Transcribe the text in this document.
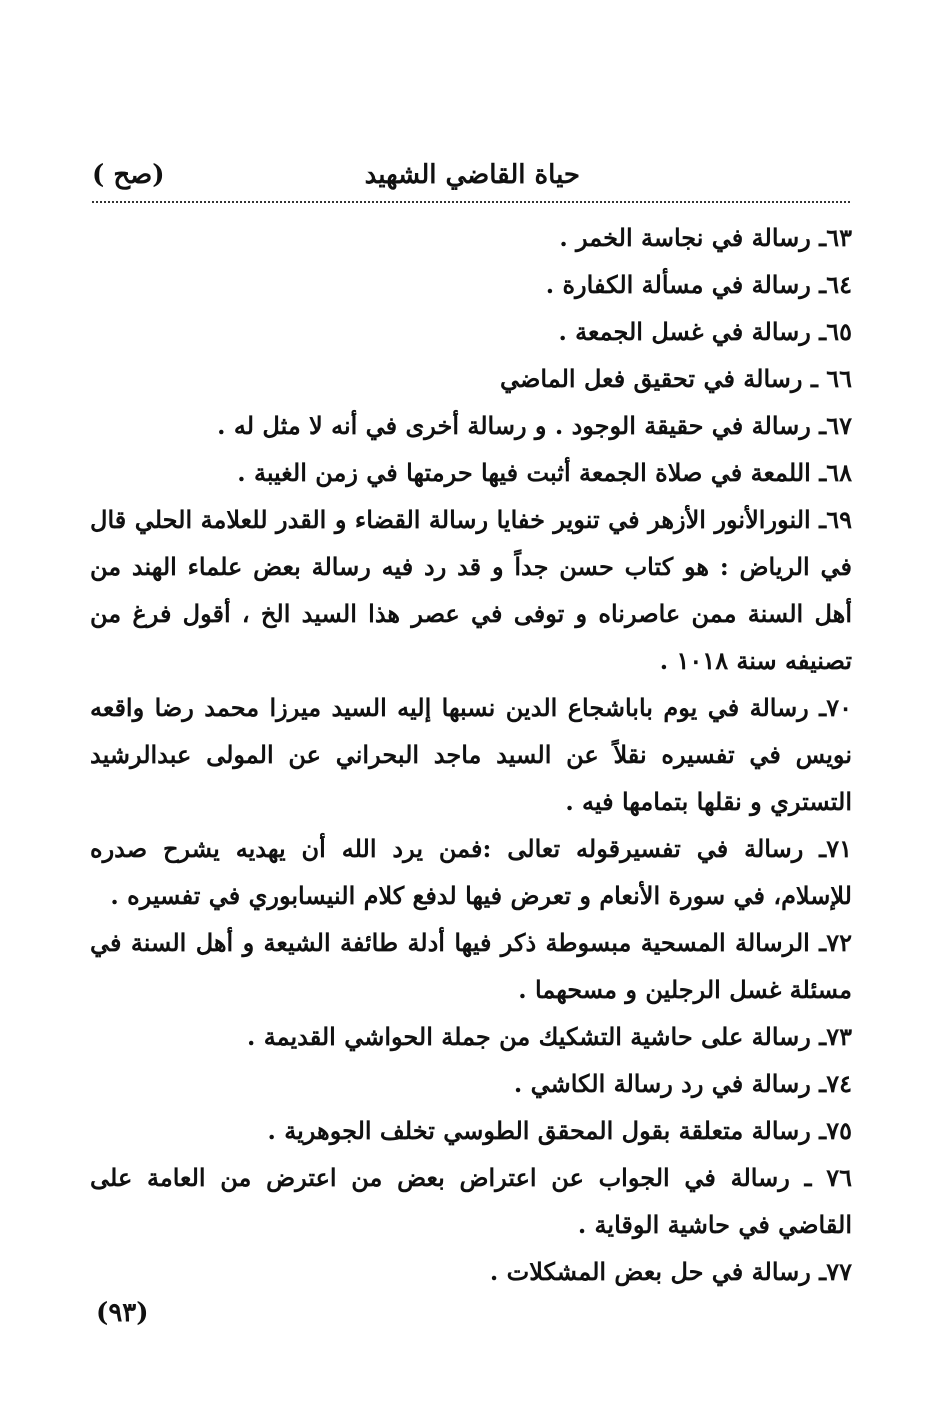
حياة القاضي الشهيد
(صح )

٦٣ـ رسالة في نجاسة الخمر .

٦٤ـ رسالة في مسألة الكفارة .

٦٥ـ رسالة في غسل الجمعة .

٦٦ ـ رسالة في تحقيق فعل الماضي

٦٧ـ رسالة في حقيقة الوجود . و رسالة أخرى في أنه لا مثل له .

٦٨ـ اللمعة في صلاة الجمعة أثبت فيها حرمتها في زمن الغيبة .

٦٩ـ النورالأنور الأزهر في تنوير خفايا رسالة القضاء و القدر للعلامة الحلي قال في الرياض : هو كتاب حسن جداً و قد رد فيه رسالة بعض علماء الهند من أهل السنة ممن عاصرناه و توفى في عصر هذا السيد الخ ، أقول فرغ من تصنيفه سنة ١٠١٨ .

٧٠ـ رسالة في يوم باباشجاع الدين نسبها إليه السيد ميرزا محمد رضا واقعه نويس في تفسيره نقلاً عن السيد ماجد البحراني عن المولى عبدالرشيد التستري و نقلها بتمامها فيه .

٧١ـ رسالة في تفسيرقوله تعالى :فمن يرد الله أن يهديه يشرح صدره للإسلام، في سورة الأنعام و تعرض فيها لدفع كلام النيسابوري في تفسيره .

٧٢ـ الرسالة المسحية مبسوطة ذكر فيها أدلة طائفة الشيعة و أهل السنة في مسئلة غسل الرجلين و مسحهما .

٧٣ـ رسالة على حاشية التشكيك من جملة الحواشي القديمة .

٧٤ـ رسالة في رد رسالة الكاشي .

٧٥ـ رسالة متعلقة بقول المحقق الطوسي تخلف الجوهرية .

٧٦ ـ رسالة في الجواب عن اعتراض بعض من اعترض من العامة على القاضي في حاشية الوقاية .

٧٧ـ رسالة في حل بعض المشكلات .

(٩٣)
